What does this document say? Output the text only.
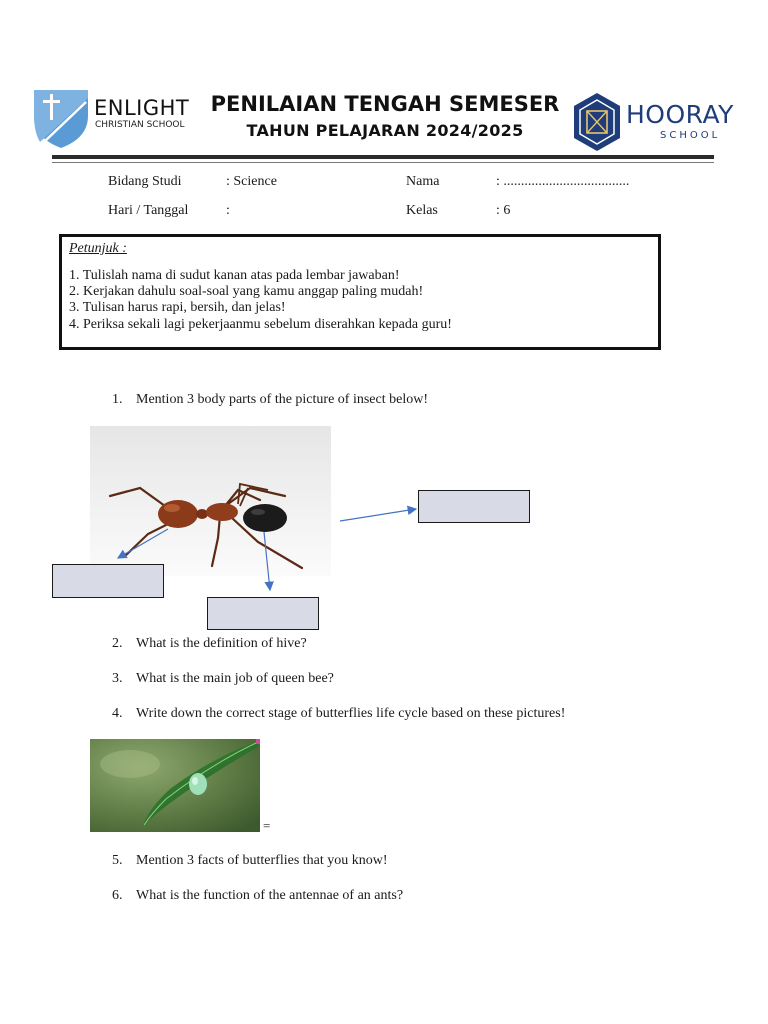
ENLIGHT
CHRISTIAN SCHOOL
PENILAIAN TENGAH SEMESER
TAHUN PELAJARAN 2024/2025
HOORAY
SCHOOL
Bidang Studi	: Science
Hari / Tanggal	:
Nama	: ....................................
Kelas	: 6
Petunjuk :
1. Tulislah nama di sudut kanan atas pada lembar jawaban!
2. Kerjakan dahulu soal-soal yang kamu anggap paling mudah!
3. Tulisan harus rapi, bersih, dan jelas!
4. Periksa sekali lagi pekerjaanmu sebelum diserahkan kepada guru!
1. Mention 3 body parts of the picture of insect below!
2. What is the definition of hive?
3. What is the main job of queen bee?
4. Write down the correct stage of butterflies life cycle based on these pictures!
=
5. Mention 3 facts of butterflies that you know!
6. What is the function of the antennae of an ants?
